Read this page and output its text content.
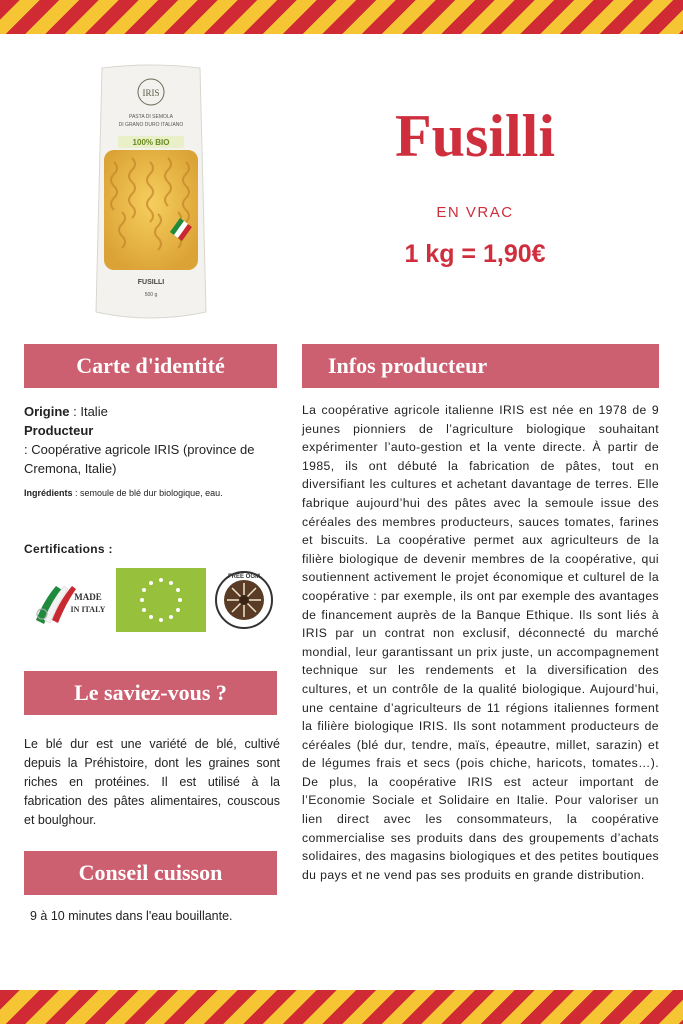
IRIS
PASTA DI SEMOLA
DI GRANO DURO ITALIANO
100% BIO
FUSILLI
500 g
Fusilli
EN VRAC
1 kg = 1,90€
Carte d'identité
Origine : Italie
Producteur
: Coopérative agricole IRIS (province de Cremona, Italie)
Ingrédients : semoule de blé dur biologique, eau.
Certifications :
MADE
IN ITALY
FREE OGM
Le saviez-vous ?
Le blé dur est une variété de blé, cultivé depuis la Préhistoire, dont les graines sont riches en protéines. Il est utilisé à la fabrication des pâtes alimentaires, couscous et boulghour.
Conseil cuisson
9 à 10 minutes dans l'eau bouillante.
Infos producteur
La coopérative agricole italienne IRIS est née en 1978 de 9 jeunes pionniers de l’agriculture biologique souhaitant expérimenter l’auto-gestion et la vente directe. À partir de 1985, ils ont débuté la fabrication de pâtes, tout en diversifiant les cultures et achetant davantage de terres. Elle fabrique aujourd’hui des pâtes avec la semoule issue des céréales des membres producteurs, sauces tomates, farines et biscuits. La coopérative permet aux agriculteurs de la filière biologique de devenir membres de la coopérative, qui soutiennent activement le projet économique et culturel de la coopérative : par exemple, ils ont par exemple des avantages de financement auprès de la Banque Ethique. Ils sont liés à IRIS par un contrat non exclusif, déconnecté du marché mondial, leur garantissant un prix juste, un accompagnement technique sur les rendements et la diversification des cultures, et un contrôle de la qualité biologique. Aujourd’hui, une centaine d’agriculteurs de 11 régions italiennes forment la filière biologique IRIS. Ils sont notamment producteurs de céréales (blé dur, tendre, maïs, épeautre, millet, sarazin) et de légumes frais et secs (pois chiche, haricots, tomates…). De plus, la coopérative IRIS est acteur important de l’Economie Sociale et Solidaire en Italie. Pour valoriser un lien direct avec les consommateurs, la coopérative commercialise ses produits dans des groupements d’achats solidaires, des magasins biologiques et des petites boutiques du pays et ne vend pas ses produits en grande distribution.
